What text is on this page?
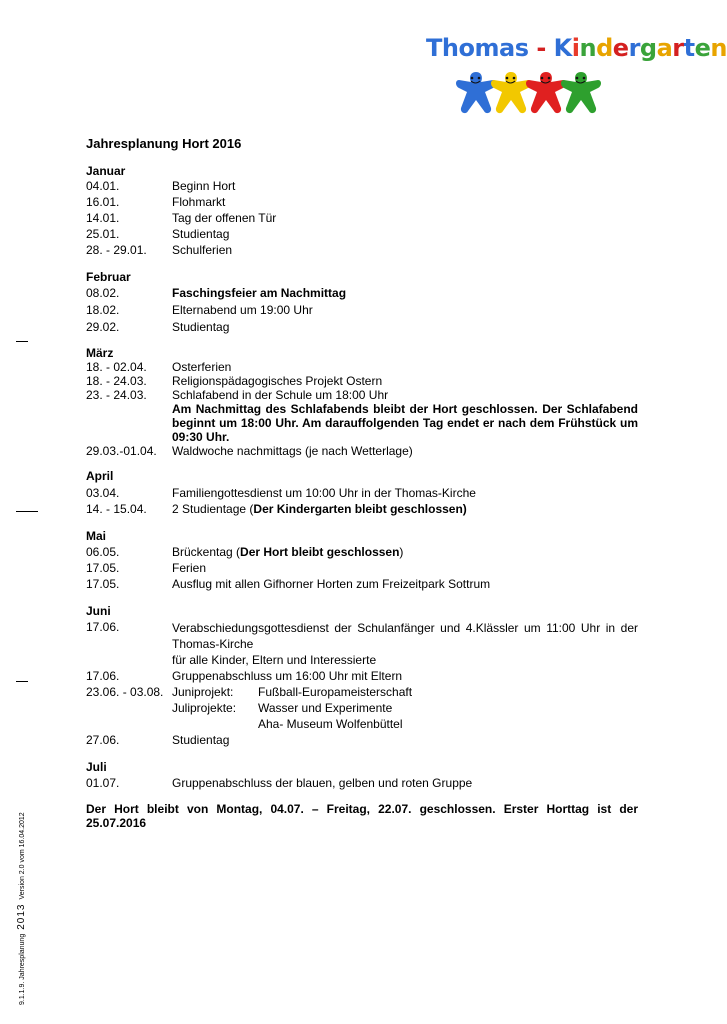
Thomas - Kindergarten
Jahresplanung Hort 2016
Januar
04.01.	Beginn Hort
16.01.	Flohmarkt
14.01.	Tag der offenen Tür
25.01.	Studientag
28. - 29.01. Schulferien
Februar
08.02.	Faschingsfeier am Nachmittag
18.02.	Elternabend um 19:00 Uhr
29.02.	Studientag
März
18. - 02.04. Osterferien
18. - 24.03. Religionspädagogisches Projekt Ostern
23. - 24.03. Schlafabend in der Schule um 18:00 Uhr
Am Nachmittag des Schlafabends bleibt der Hort geschlossen. Der Schlafabend beginnt um 18:00 Uhr. Am darauffolgenden Tag endet er nach dem Frühstück um 09:30 Uhr.
29.03.-01.04. Waldwoche nachmittags (je nach Wetterlage)
April
03.04.	Familiengottesdienst um 10:00 Uhr in der Thomas-Kirche
14. - 15.04. 2 Studientage (Der Kindergarten bleibt geschlossen)
Mai
06.05.	Brückentag (Der Hort bleibt geschlossen)
17.05.	Ferien
17.05.	Ausflug mit allen Gifhorner Horten zum Freizeitpark Sottrum
Juni
17.06.	Verabschiedungsgottesdienst der Schulanfänger und 4.Klässler um 11:00 Uhr in der Thomas-Kirche
für alle Kinder, Eltern und Interessierte
17.06.	Gruppenabschluss um 16:00 Uhr mit Eltern
23.06. - 03.08. Juniprojekt: Fußball-Europameisterschaft
Juliprojekte: Wasser und Experimente
Aha- Museum Wolfenbüttel
27.06.	Studientag
Juli
01.07.	Gruppenabschluss der blauen, gelben und roten Gruppe
Der Hort bleibt von Montag, 04.07. – Freitag, 22.07. geschlossen. Erster Horttag ist der 25.07.2016
9.1.1.9. Jahresplanung2013Version 2.0 vom 16.04.2012
